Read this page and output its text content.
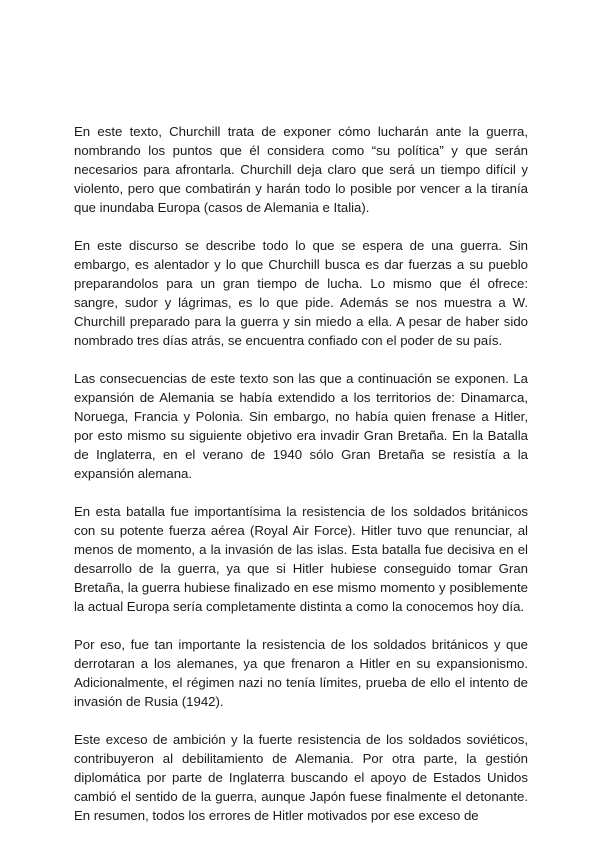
En este texto, Churchill trata de exponer cómo lucharán ante la guerra, nombrando los puntos que él considera como “su política” y que serán necesarios para afrontarla. Churchill deja claro que será un tiempo difícil y violento, pero que combatirán y harán todo lo posible por vencer a la tiranía que inundaba Europa (casos de Alemania e Italia).

En este discurso se describe todo lo que se espera de una guerra. Sin embargo, es alentador y lo que Churchill busca es dar fuerzas a su pueblo preparandolos para un gran tiempo de lucha. Lo mismo que él ofrece: sangre, sudor y lágrimas, es lo que pide. Además se nos muestra a W. Churchill preparado para la guerra y sin miedo a ella. A pesar de haber sido nombrado tres días atrás, se encuentra confiado con el poder de su país.

Las consecuencias de este texto son las que a continuación se exponen. La expansión de Alemania se había extendido a los territorios de: Dinamarca, Noruega, Francia y Polonia. Sin embargo, no había quien frenase a Hitler, por esto mismo su siguiente objetivo era invadir Gran Bretaña. En la Batalla de Inglaterra, en el verano de 1940 sólo Gran Bretaña se resistía a la expansión alemana.

En esta batalla fue importantísima la resistencia de los soldados británicos con su potente fuerza aérea (Royal Air Force). Hitler tuvo que renunciar, al menos de momento, a la invasión de las islas. Esta batalla fue decisiva en el desarrollo de la guerra, ya que si Hitler hubiese conseguido tomar Gran Bretaña, la guerra hubiese finalizado en ese mismo momento y posiblemente la actual Europa sería completamente distinta a como la conocemos hoy día.

Por eso, fue tan importante la resistencia de los soldados británicos y que derrotaran a los alemanes, ya que frenaron a Hitler en su expansionismo. Adicionalmente, el régimen nazi no tenía límites, prueba de ello el intento de invasión de Rusia (1942).

Este exceso de ambición y la fuerte resistencia de los soldados soviéticos, contribuyeron al debilitamiento de Alemania. Por otra parte, la gestión diplomática por parte de Inglaterra buscando el apoyo de Estados Unidos cambió el sentido de la guerra, aunque Japón fuese finalmente el detonante. En resumen, todos los errores de Hitler motivados por ese exceso de
